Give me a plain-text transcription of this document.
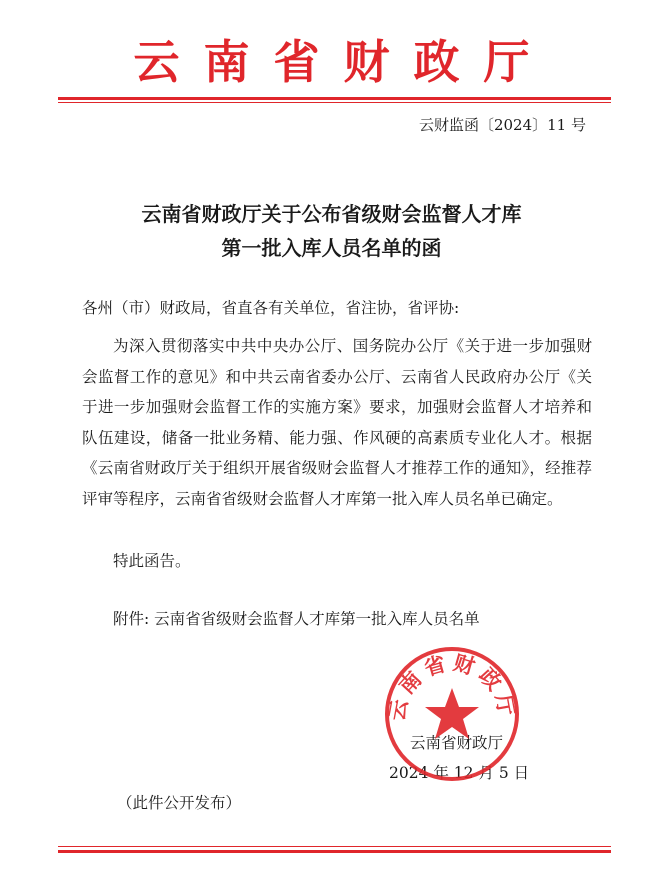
云南省财政厅
云财监函〔2024〕11 号
云南省财政厅关于公布省级财会监督人才库
第一批入库人员名单的函
各州（市）财政局，省直各有关单位，省注协，省评协:
为深入贯彻落实中共中央办公厅、国务院办公厅《关于进一步加强财会监督工作的意见》和中共云南省委办公厅、云南省人民政府办公厅《关于进一步加强财会监督工作的实施方案》要求，加强财会监督人才培养和队伍建设，储备一批业务精、能力强、作风硬的高素质专业化人才。根据《云南省财政厅关于组织开展省级财会监督人才推荐工作的通知》，经推荐评审等程序，云南省省级财会监督人才库第一批入库人员名单已确定。
特此函告。
附件: 云南省省级财会监督人才库第一批入库人员名单
云南省财政厅
2024 年 12 月 5 日
云南省财政厅
（此件公开发布）
